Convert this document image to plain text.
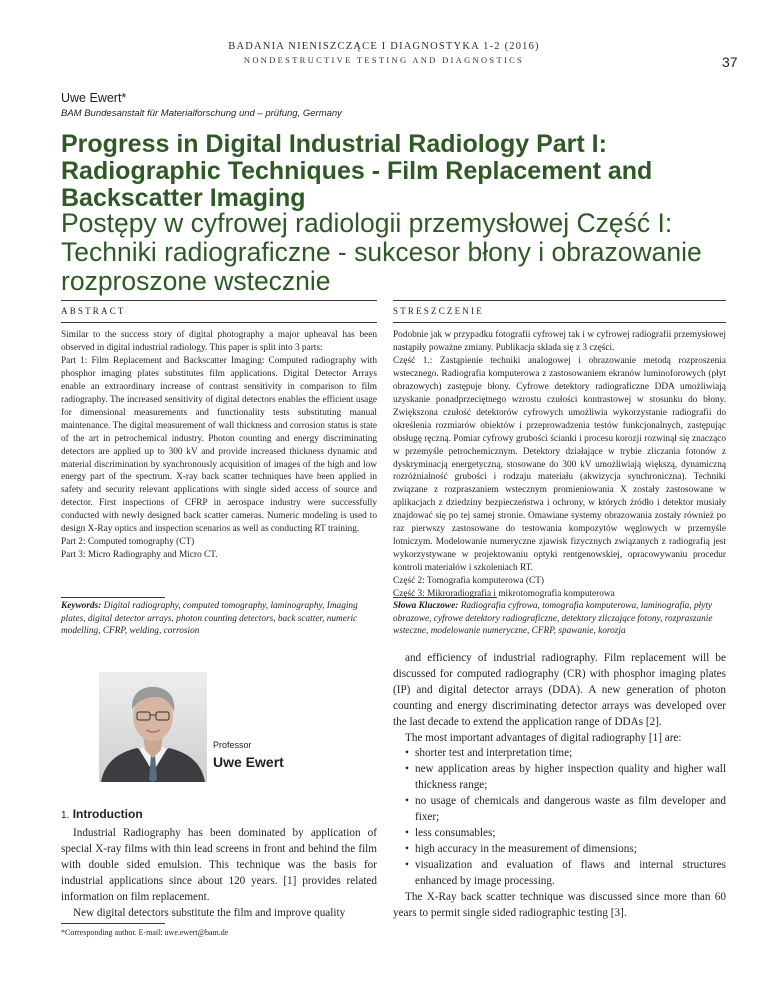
BADANIA NIENISZCZĄCE I DIAGNOSTYKA 1-2 (2016)
NONDESTRUCTIVE TESTING AND DIAGNOSTICS	37
Uwe Ewert*
BAM Bundesanstalt für Materialforschung und – prüfung, Germany
Progress in Digital Industrial Radiology Part I: Radiographic Techniques - Film Replacement and Backscatter Imaging
Postępy w cyfrowej radiologii przemysłowej Część I: Techniki radiograficzne - sukcesor błony i obrazowanie rozproszone wstecznie
ABSTRACT	STRESZCZENIE
Similar to the success story of digital photography a major upheaval has been observed in digital industrial radiology. This paper is split into 3 parts:
Part 1: Film Replacement and Backscatter Imaging: Computed radiography with phosphor imaging plates substitutes film applications. Digital Detector Arrays enable an extraordinary increase of contrast sensitivity in comparison to film radiography. The increased sensitivity of digital detectors enables the efficient usage for dimensional measurements and functionality tests substituting manual maintenance. The digital measurement of wall thickness and corrosion status is state of the art in petrochemical industry. Photon counting and energy discriminating detectors are applied up to 300 kV and provide increased thickness dynamic and material discrimination by synchronously acquisition of images of the high and low energy part of the spectrum. X-ray back scatter techniques have been applied in safety and security relevant applications with single sided access of source and detector. First inspections of CFRP in aerospace industry were successfully conducted with newly designed back scatter cameras. Numeric modeling is used to design X-Ray optics and inspection scenarios as well as conducting RT training.
Part 2: Computed tomography (CT)
Part 3: Micro Radiography and Micro CT.
Podobnie jak w przypadku fotografii cyfrowej tak i w cyfrowej radiografii przemysłowej nastąpiły poważne zmiany. Publikacja składa się z 3 części.
Część 1.: Zastąpienie techniki analogowej i obrazowanie metodą rozproszenia wstecznego. Radiografia komputerowa z zastosowaniem ekranów luminoforowych (płyt obrazowych) zastępuje błony. Cyfrowe detektory radiograficzne DDA umożliwiają uzyskanie ponadprzeciętnego wzrostu czułości kontrastowej w stosunku do błony. Zwiększona czułość detektorów cyfrowych umożliwia wykorzystanie radiografii do określenia rozmiarów obiektów i przeprowadzenia testów funkcjonalnych, zastępując obsługę ręczną. Pomiar cyfrowy grubości ścianki i procesu korozji rozwinął się znacząco w przemyśle petrochemicznym. Detektory działające w trybie zliczania fotonów z dyskryminacją energetyczną, stosowane do 300 kV umożliwiają większą, dynamiczną rozróżnialność grubości i rodzaju materiału (akwizycja synchroniczna). Techniki związane z rozpraszaniem wstecznym promieniowania X zostały zastosowane w aplikacjach z dziedziny bezpieczeństwa i ochrony, w których źródło i detektor musiały znajdować się po tej samej stronie. Omawiane systemy obrazowania zostały również po raz pierwszy zastosowane do testowania kompozytów węglowych w przemyśle lotniczym. Modelowanie numeryczne zjawisk fizycznych związanych z radiografią jest wykorzystywane w projektowaniu optyki rentgenowskiej, opracowywaniu procedur kontroli materiałów i szkoleniach RT.
Część 2: Tomografia komputerowa (CT)
Część 3: Mikroradiografia i mikrotomografia komputerowa
Keywords: Digital radiography, computed tomography, laminography, Imaging plates, digital detector arrays, photon counting detectors, back scatter, numeric modelling, CFRP, welding, corrosion
Słowa Kluczowe: Radiografia cyfrowa, tomografia komputerowa, laminografia, płyty obrazowe, cyfrowe detektory radiograficzne, detektory zliczające fotony, rozpraszanie wsteczne, modelowanie numeryczne, CFRP, spawanie, korozja
Professor
Uwe Ewert
1. Introduction

Industrial Radiography has been dominated by application of special X-ray films with thin lead screens in front and behind the film with double sided emulsion. This technique was the basis for industrial applications since about 120 years. [1] provides related information on film replacement.

New digital detectors substitute the film and improve quality

*Corresponding author. E-mail: uwe.ewert@bam.de

and efficiency of industrial radiography. Film replacement will be discussed for computed radiography (CR) with phosphor imaging plates (IP) and digital detector arrays (DDA). A new generation of photon counting and energy discriminating detector arrays was developed over the last decade to extend the application range of DDAs [2].

The most important advantages of digital radiography [1] are:

• shorter test and interpretation time;
• new application areas by higher inspection quality and higher wall thickness range;
• no usage of chemicals and dangerous waste as film developer and fixer;
• less consumables;
• high accuracy in the measurement of dimensions;
• visualization and evaluation of flaws and internal structures enhanced by image processing.

The X-Ray back scatter technique was discussed since more than 60 years to permit single sided radiographic testing [3].
